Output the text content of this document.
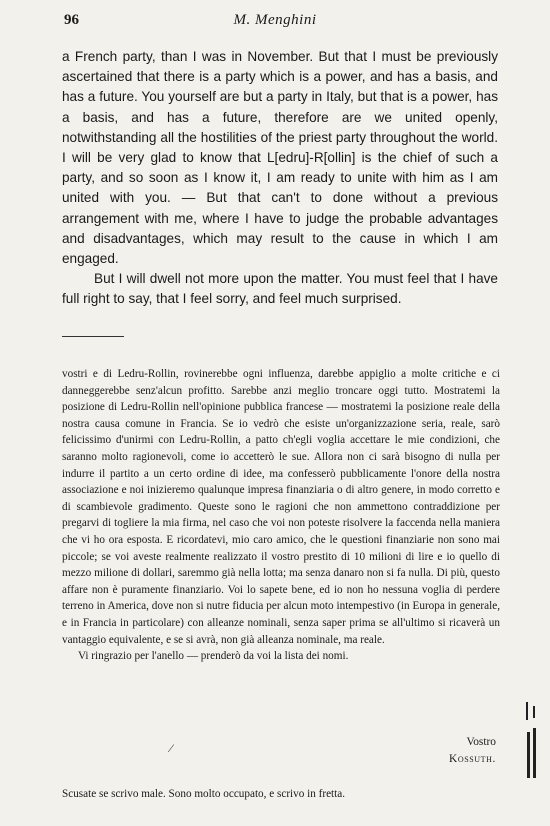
96	M. Menghini

a French party, than I was in November. But that I must be previously ascertained that there is a party which is a power, and has a basis, and has a future. You yourself are but a party in Italy, but that is a power, has a basis, and has a future, therefore are we united openly, notwithstanding all the hostilities of the priest party throughout the world. I will be very glad to know that L[edru]-R[ollin] is the chief of such a party, and so soon as I know it, I am ready to unite with him as I am united with you. — But that can't to done without a previous arrangement with me, where I have to judge the probable advantages and disadvantages, which may result to the cause in which I am engaged.

But I will dwell not more upon the matter. You must feel that I have full right to say, that I feel sorry, and feel much surprised.

vostri e di Ledru-Rollin, rovinerebbe ogni influenza, darebbe appiglio a molte critiche e ci danneggerebbe senz'alcun profitto. Sarebbe anzi meglio troncare oggi tutto. Mostratemi la posizione di Ledru-Rollin nell'opinione pubblica francese — mostratemi la posizione reale della nostra causa comune in Francia. Se io vedrò che esiste un'organizzazione seria, reale, sarò felicissimo d'unirmi con Ledru-Rollin, a patto ch'egli voglia accettare le mie condizioni, che saranno molto ragionevoli, come io accetterò le sue. Allora non ci sarà bisogno di nulla per indurre il partito a un certo ordine di idee, ma confesserò pubblicamente l'onore della nostra associazione e noi inizieremo qualunque impresa finanziaria o di altro genere, in modo corretto e di scambievole gradimento. Queste sono le ragioni che non ammettono contraddizione per pregarvi di togliere la mia firma, nel caso che voi non poteste risolvere la faccenda nella maniera che vi ho ora esposta. E ricordatevi, mio caro amico, che le questioni finanziarie non sono mai piccole; se voi aveste realmente realizzato il vostro prestito di 10 milioni di lire e io quello di mezzo milione di dollari, saremmo già nella lotta; ma senza danaro non si fa nulla. Di più, questo affare non è puramente finanziario. Voi lo sapete bene, ed io non ho nessuna voglia di perdere terreno in America, dove non si nutre fiducia per alcun moto intempestivo (in Europa in generale, e in Francia in particolare) con alleanze nominali, senza saper prima se all'ultimo si ricaverà un vantaggio equivalente, e se si avrà, non già alleanza nominale, ma reale.

Vi ringrazio per l'anello — prenderò da voi la lista dei nomi.

⁄	Vostro
Kossuth.
Scusate se scrivo male. Sono molto occupato, e scrivo in fretta.
